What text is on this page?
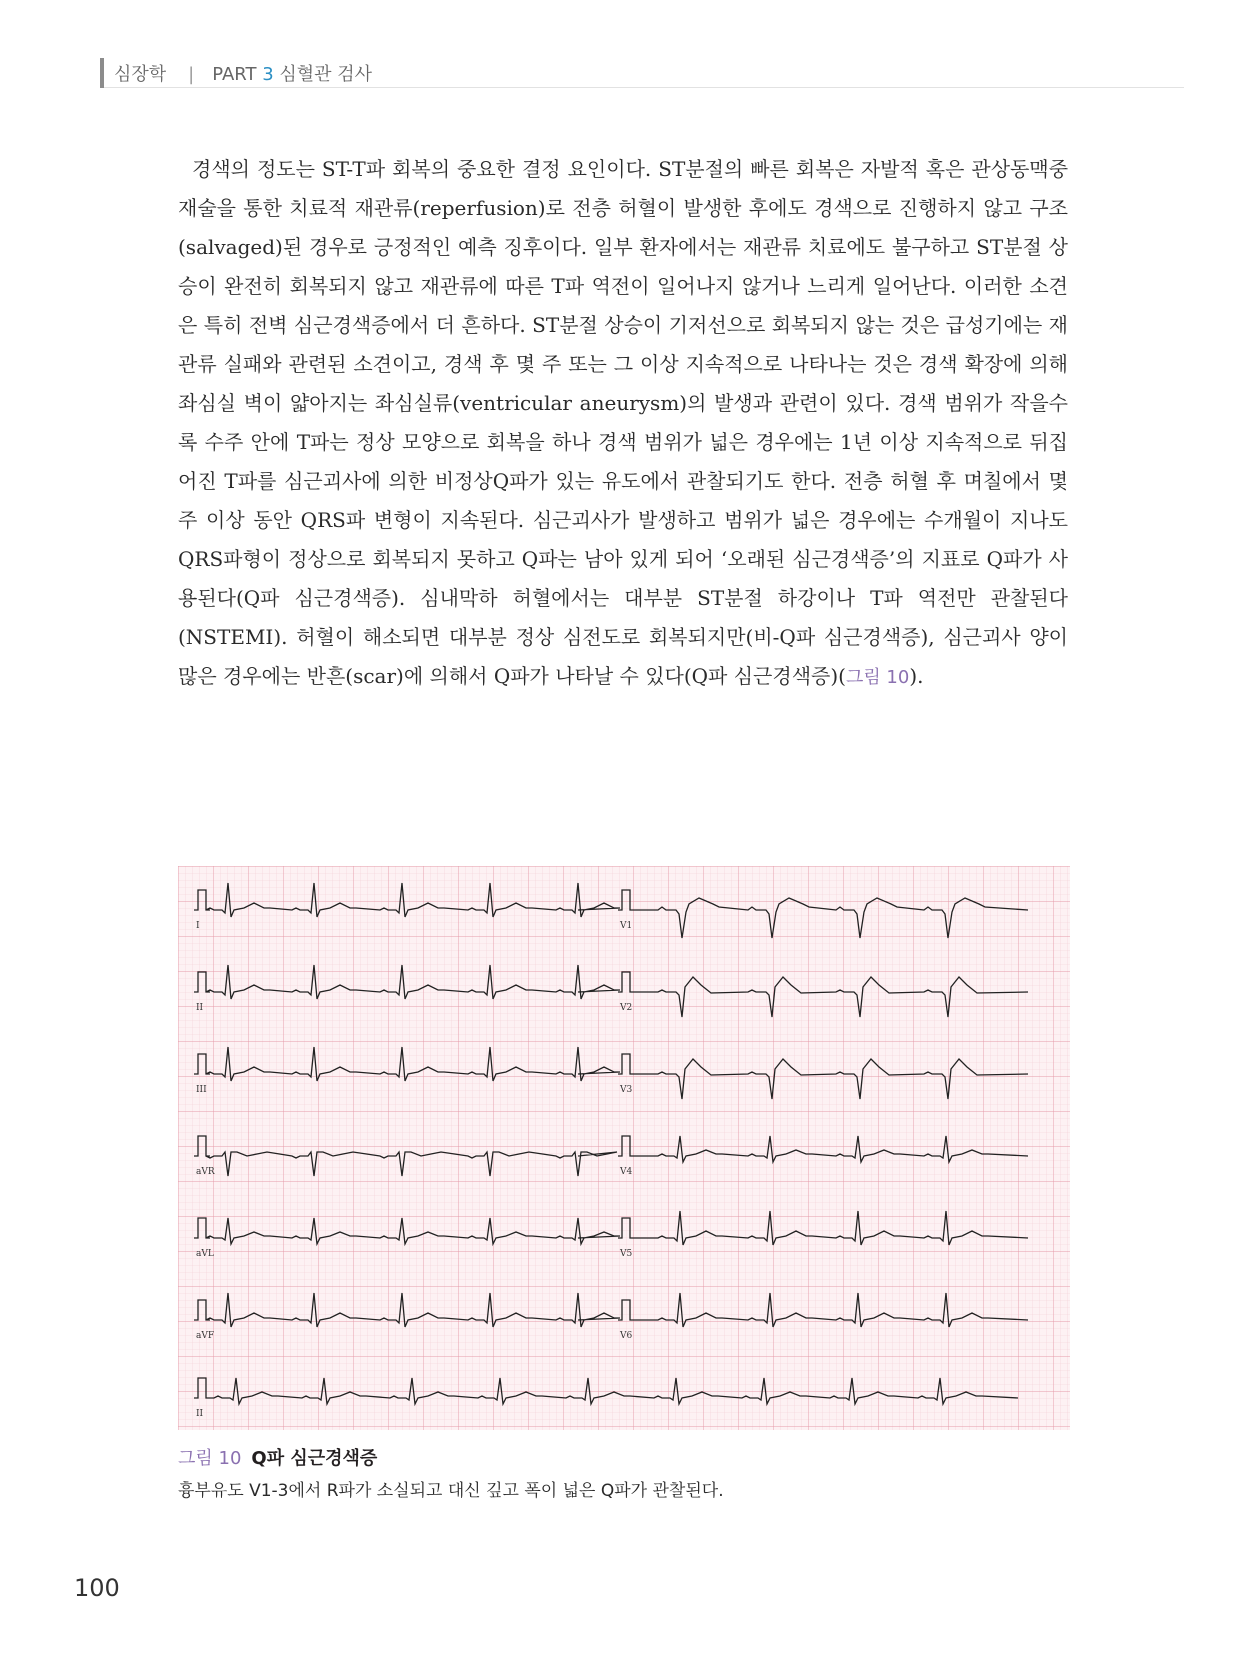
심장학 | PART 3 심혈관 검사
경색의 정도는 ST-T파 회복의 중요한 결정 요인이다. ST분절의 빠른 회복은 자발적 혹은 관상동맥중재술을 통한 치료적 재관류(reperfusion)로 전층 허혈이 발생한 후에도 경색으로 진행하지 않고 구조(salvaged)된 경우로 긍정적인 예측 징후이다. 일부 환자에서는 재관류 치료에도 불구하고 ST분절 상승이 완전히 회복되지 않고 재관류에 따른 T파 역전이 일어나지 않거나 느리게 일어난다. 이러한 소견은 특히 전벽 심근경색증에서 더 흔하다. ST분절 상승이 기저선으로 회복되지 않는 것은 급성기에는 재관류 실패와 관련된 소견이고, 경색 후 몇 주 또는 그 이상 지속적으로 나타나는 것은 경색 확장에 의해 좌심실 벽이 얇아지는 좌심실류(ventricular aneurysm)의 발생과 관련이 있다. 경색 범위가 작을수록 수주 안에 T파는 정상 모양으로 회복을 하나 경색 범위가 넓은 경우에는 1년 이상 지속적으로 뒤집어진 T파를 심근괴사에 의한 비정상Q파가 있는 유도에서 관찰되기도 한다. 전층 허혈 후 며칠에서 몇 주 이상 동안 QRS파 변형이 지속된다. 심근괴사가 발생하고 범위가 넓은 경우에는 수개월이 지나도 QRS파형이 정상으로 회복되지 못하고 Q파는 남아 있게 되어 ‘오래된 심근경색증’의 지표로 Q파가 사용된다(Q파 심근경색증). 심내막하 허혈에서는 대부분 ST분절 하강이나 T파 역전만 관찰된다(NSTEMI). 허혈이 해소되면 대부분 정상 심전도로 회복되지만(비-Q파 심근경색증), 심근괴사 양이 많은 경우에는 반흔(scar)에 의해서 Q파가 나타날 수 있다(Q파 심근경색증)(그림 10).
I	V1
II	V2
III	V3
aVR	V4
aVL	V5
aVF	V6
II
그림 10 Q파 심근경색증
흉부유도 V1-3에서 R파가 소실되고 대신 깊고 폭이 넓은 Q파가 관찰된다.
100
